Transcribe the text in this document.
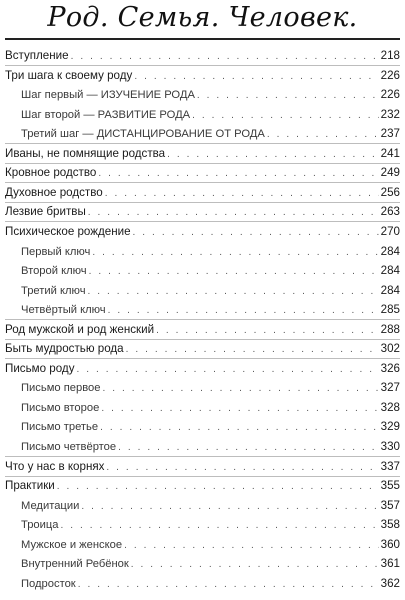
Род. Семья. Человек.
Вступление . . .	218
Три шага к своему роду . . .	226
Шаг первый — ИЗУЧЕНИЕ РОДА . . .	226
Шаг второй — РАЗВИТИЕ РОДА . . .	232
Третий шаг — ДИСТАНЦИРОВАНИЕ ОТ РОДА . . .	237
Иваны, не помнящие родства . . .	241
Кровное родство . . .	249
Духовное родство . . .	256
Лезвие бритвы . . .	263
Психическое рождение . . .	270
Первый ключ . . .	284
Второй ключ . . .	284
Третий ключ . . .	284
Четвёртый ключ . . .	285
Род мужской и род женский . . .	288
Быть мудростью рода . . .	302
Письмо роду . . .	326
Письмо первое . . .	327
Письмо второе . . .	328
Письмо третье . . .	329
Письмо четвёртое . . .	330
Что у нас в корнях . . .	337
Практики . . .	355
Медитации . . .	357
Троица . . .	358
Мужское и женское . . .	360
Внутренний Ребёнок . . .	361
Подросток . . .	362
